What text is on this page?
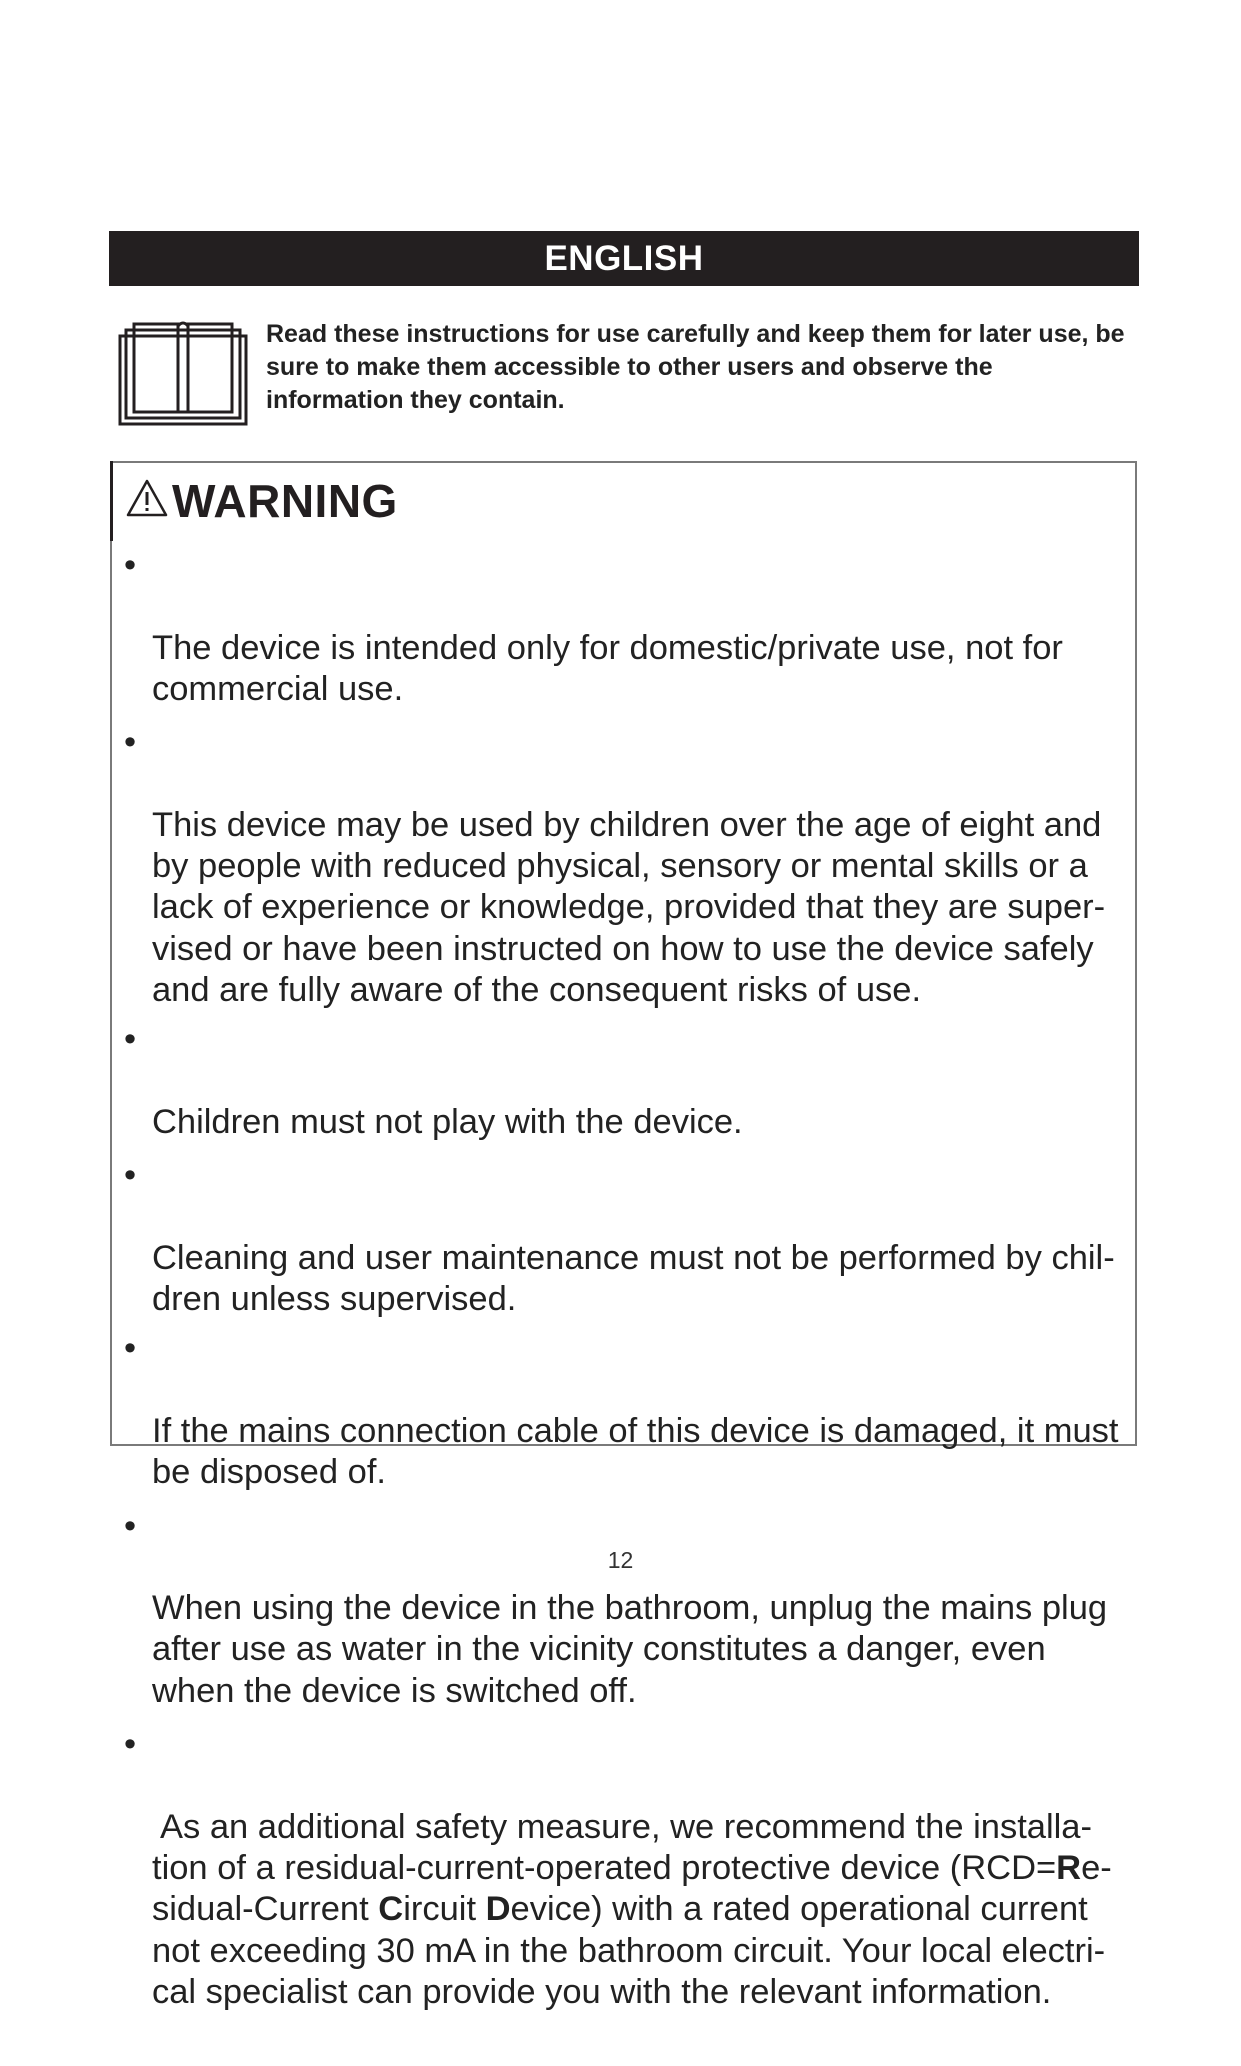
ENGLISH
Read these instructions for use carefully and keep them for later use, be sure to make them accessible to other users and observe the information they contain.
WARNING

•

The device is intended only for domestic/private use, not for
commercial use.

•

This device may be used by children over the age of eight and
by people with reduced physical, sensory or mental skills or a
lack of experience or knowledge, provided that they are super-
vised or have been instructed on how to use the device safely
and are fully aware of the consequent risks of use.

•

Children must not play with the device.

•

Cleaning and user maintenance must not be performed by chil-
dren unless supervised.

•

If the mains connection cable of this device is damaged, it must
be disposed of.

•

When using the device in the bathroom, unplug the mains plug
after use as water in the vicinity constitutes a danger, even
when the device is switched off.

•

As an additional safety measure, we recommend the installa-
tion of a residual-current-operated protective device (RCD=Re-
sidual-Current Circuit Device) with a rated operational current
not exceeding 30 mA in the bathroom circuit. Your local electri-
cal specialist can provide you with the relevant information.

12
